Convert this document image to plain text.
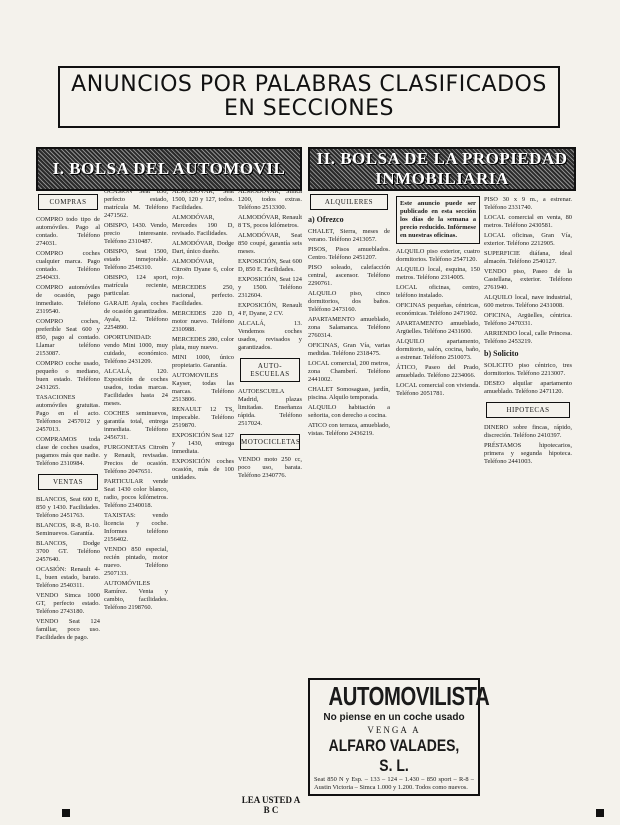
ANUNCIOS POR PALABRAS CLASIFICADOS
EN SECCIONES
I. BOLSA DEL AUTOMOVIL
II. BOLSA DE LA PROPIEDAD
INMOBILIARIA
COMPRAS

COMPRO todo tipo de automóviles. Pago al contado. Teléfono 274031.

COMPRO coches cualquier marca. Pago contado. Teléfono 2540433.

COMPRO automóviles de ocasión, pago inmediato. Teléfono 2319540.

COMPRO coches, preferible Seat 600 y 850, pago al contado. Llamar teléfono 2153087.

COMPRO coche usado, pequeño o mediano, buen estado. Teléfono 2431265.

TASACIONES automóviles gratuitas. Pago en el acto. Teléfonos 2457012 y 2457013.

COMPRAMOS toda clase de coches usados, pagamos más que nadie. Teléfono 2310984.

VENTAS

BLANCOS, Seat 600 E, 850 y 1430. Facilidades. Teléfono 2451763.

BLANCOS, R-8, R-10. Seminuevos. Garantía.

BLANCOS, Dodge 3700 GT. Teléfono 2457640.

OCASIÓN: Renault 4-L, buen estado, barato. Teléfono 2540311.

VENDO Simca 1000 GT, perfecto estado. Teléfono 2743180.

VENDO Seat 124 familiar, poco uso. Facilidades de pago.

OCASIÓN Seat 850, perfecto estado, matrícula M. Teléfono 2471562.

OBISPO, 1430. Vendo, precio interesante. Teléfono 2310487.

OBISPO, Seat 1500, estado inmejorable. Teléfono 2546310.

OBISPO, 124 sport, matrícula reciente, particular.

GARAJE Ayala, coches de ocasión garantizados. Ayala, 12. Teléfono 2254890.

OPORTUNIDAD: vendo Mini 1000, muy cuidado, económico. Teléfono 2431209.

ALCALÁ, 120. Exposición de coches usados, todas marcas. Facilidades hasta 24 meses.

COCHES seminuevos, garantía total, entrega inmediata. Teléfono 2456731.

FURGONETAS Citroën y Renault, revisadas. Precios de ocasión. Teléfono 2047651.

PARTICULAR vende Seat 1430 color blanco, radio, pocos kilómetros. Teléfono 2340018.

TAXISTAS: vendo licencia y coche. Informes teléfono 2156402.

VENDO 850 especial, recién pintado, motor nuevo. Teléfono 2507133.

AUTOMÓVILES Ramírez. Venta y cambio, facilidades. Teléfono 2198760.

ALMODÓVAR, Seat 1500, 120 y 127, todos. Facilidades.

ALMODÓVAR, Mercedes 190 D, revisado. Facilidades.

ALMODÓVAR, Dodge Dart, único dueño.

ALMODÓVAR, Citroën Dyane 6, color rojo.

MERCEDES 250, nacional, perfecto. Facilidades.

MERCEDES 220 D, motor nuevo. Teléfono 2310988.

MERCEDES 280, color plata, muy nuevo.

MINI 1000, único propietario. Garantía.

AUTOMOVILES Kayser, todas las marcas. Teléfono 2513806.

RENAULT 12 TS, impecable. Teléfono 2519870.

EXPOSICIÓN Seat 127 y 1430, entrega inmediata.

EXPOSICIÓN coches ocasión, más de 100 unidades.

ALMODÓVAR, Simca 1200, todos extras. Teléfono 2513300.

ALMODÓVAR, Renault 8 TS, pocos kilómetros.

ALMODÓVAR, Seat 850 coupé, garantía seis meses.

EXPOSICIÓN, Seat 600 D, 850 E. Facilidades.

EXPOSICIÓN, Seat 124 y 1500. Teléfono 2312604.

EXPOSICIÓN, Renault 4 F, Dyane, 2 CV.

ALCALÁ, 13. Vendemos coches usados, revisados y garantizados.

AUTO-ESCUELAS

AUTOESCUELA Madrid, plazas limitadas. Enseñanza rápida. Teléfono 2517024.

MOTOCICLETAS

VENDO moto 250 cc, poco uso, barata. Teléfono 2340776.

LEA USTED A B C
ALQUILERES
a) Ofrezco

CHALET, Sierra, meses de verano. Teléfono 2413057.

PISOS, Pisos amueblados. Centro. Teléfono 2451207.

PISO soleado, calefacción central, ascensor. Teléfono 2290761.

ALQUILO piso, cinco dormitorios, dos baños. Teléfono 2473160.

APARTAMENTO amueblado, zona Salamanca. Teléfono 2760314.

OFICINAS, Gran Vía, varias medidas. Teléfono 2318475.

LOCAL comercial, 200 metros, zona Chamberí. Teléfono 2441002.

CHALET Somosaguas, jardín, piscina. Alquilo temporada.

ALQUILO habitación a señorita, con derecho a cocina.

ATICO con terraza, amueblado, vistas. Teléfono 2436219.

Este anuncio puede ser publicado en esta sección los días de la semana a precio reducido. Infórmese en nuestras oficinas.

ALQUILO piso exterior, cuatro dormitorios. Teléfono 2547120.

ALQUILO local, esquina, 150 metros. Teléfono 2314005.

LOCAL oficinas, centro, teléfono instalado.

OFICINAS pequeñas, céntricas, económicas. Teléfono 2471902.

APARTAMENTO amueblado, Argüelles. Teléfono 2431600.

ALQUILO apartamento, dormitorio, salón, cocina, baño, a estrenar. Teléfono 2510073.

ÁTICO, Paseo del Prado, amueblado. Teléfono 2234066.

LOCAL comercial con vivienda. Teléfono 2051781.

AUTOMOVILISTA
No piense en un coche usado
VENGA A
ALFARO VALADES, S. L.
Seat 850 N y Esp. – 133 – 124 – 1.430 – 850 sport – R-8 – Austin Victoria – Simca 1.000 y 1.200. Todos como nuevos.

PISO 30 x 9 m., a estrenar. Teléfono 2331740.

LOCAL comercial en venta, 80 metros. Teléfono 2430581.

LOCAL oficinas, Gran Vía, exterior. Teléfono 2212905.

SUPERFICIE diáfana, ideal almacén. Teléfono 2540127.

VENDO piso, Paseo de la Castellana, exterior. Teléfono 2761940.

ALQUILO local, nave industrial, 600 metros. Teléfono 2431008.

OFICINA, Argüelles, céntrica. Teléfono 2470331.

ARRIENDO local, calle Princesa. Teléfono 2453219.

b) Solicito

SOLICITO piso céntrico, tres dormitorios. Teléfono 2213007.

DESEO alquilar apartamento amueblado. Teléfono 2471120.

HIPOTECAS

DINERO sobre fincas, rápido, discreción. Teléfono 2410397.

PRÉSTAMOS hipotecarios, primera y segunda hipoteca. Teléfono 2441003.
